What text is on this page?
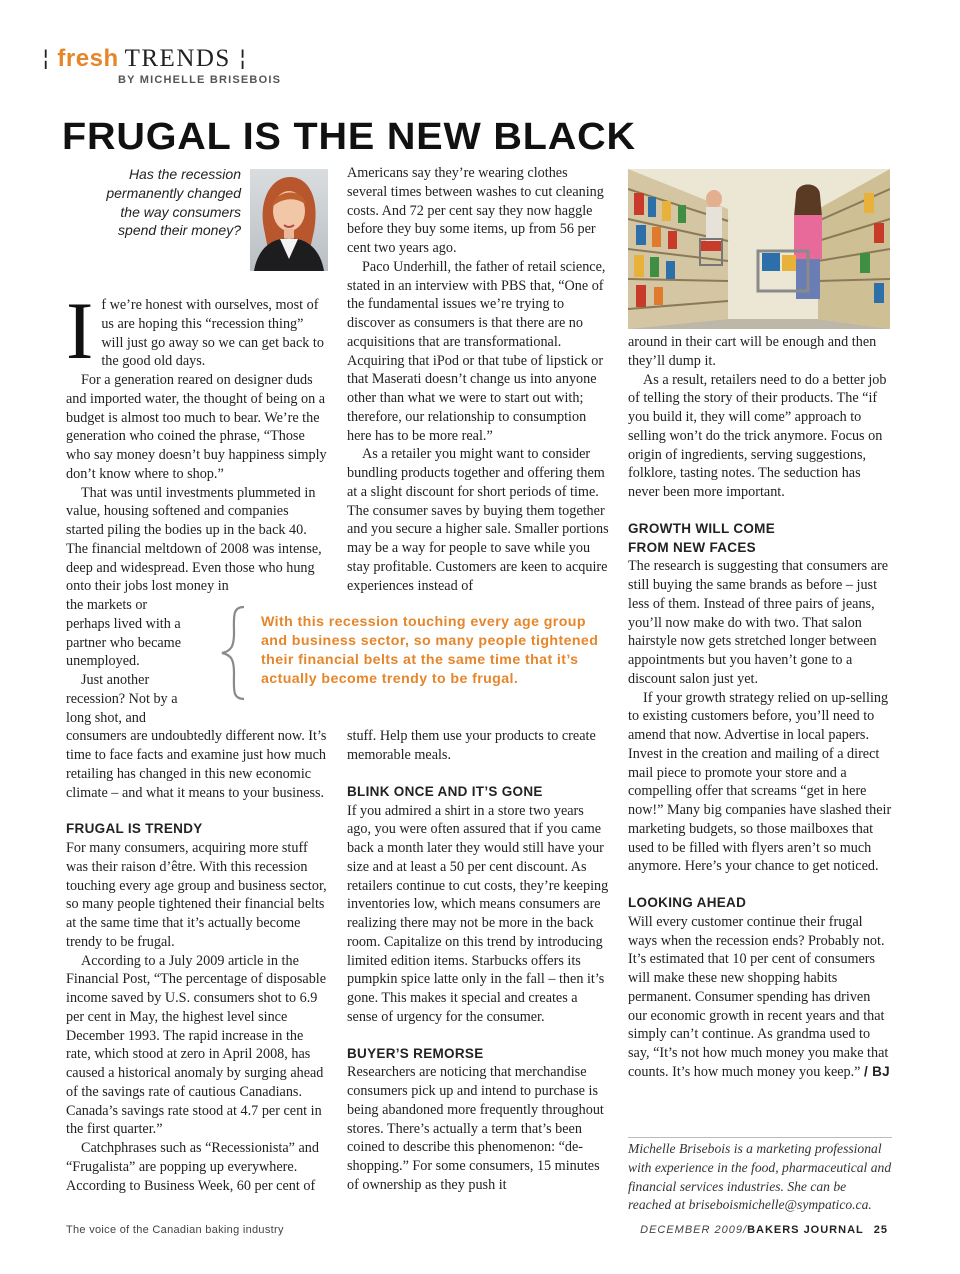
¦ fresh TRENDS ¦
BY MICHELLE BRISEBOIS
FRUGAL IS THE NEW BLACK
Has the recession permanently changed the way consumers spend their money?
I f we’re honest with ourselves, most of us are hoping this “recession thing” will just go away so we can get back to the good old days.

For a generation reared on designer duds and imported water, the thought of being on a budget is almost too much to bear. We’re the generation who coined the phrase, “Those who say money doesn’t buy happiness simply don’t know where to shop.”

That was until investments plummeted in value, housing softened and companies started piling the bodies up in the back 40. The financial meltdown of 2008 was intense, deep and widespread. Even those who hung onto their jobs lost money in

the markets or
perhaps lived with a
partner who became
unemployed.
Just another
recession? Not by a
long shot, and

consumers are undoubtedly different now. It’s time to face facts and examine just how much retailing has changed in this new economic climate – and what it means to your business.

FRUGAL IS TRENDY

For many consumers, acquiring more stuff was their raison d’être. With this recession touching every age group and business sector, so many people tightened their financial belts at the same time that it’s actually become trendy to be frugal.

According to a July 2009 article in the Financial Post, “The percentage of disposable income saved by U.S. consumers shot to 6.9 per cent in May, the highest level since December 1993. The rapid increase in the rate, which stood at zero in April 2008, has caused a historical anomaly by surging ahead of the savings rate of cautious Canadians. Canada’s savings rate stood at 4.7 per cent in the first quarter.”

Catchphrases such as “Recessionista” and “Frugalista” are popping up everywhere. According to Business Week, 60 per cent of

Americans say they’re wearing clothes several times between washes to cut cleaning costs. And 72 per cent say they now haggle before they buy some items, up from 56 per cent two years ago.

Paco Underhill, the father of retail science, stated in an interview with PBS that, “One of the fundamental issues we’re trying to discover as consumers is that there are no acquisitions that are transformational. Acquiring that iPod or that tube of lipstick or that Maserati doesn’t change us into anyone other than what we were to start out with; therefore, our relationship to consumption here has to be more real.”

As a retailer you might want to consider bundling products together and offering them at a slight discount for short periods of time. The consumer saves by buying them together and you secure a higher sale. Smaller portions may be a way for people to save while you stay profitable. Customers are keen to acquire experiences instead of

stuff. Help them use your products to create memorable meals.

BLINK ONCE AND IT’S GONE

If you admired a shirt in a store two years ago, you were often assured that if you came back a month later they would still have your size and at least a 50 per cent discount. As retailers continue to cut costs, they’re keeping inventories low, which means consumers are realizing there may not be more in the back room. Capitalize on this trend by introducing limited edition items. Starbucks offers its pumpkin spice latte only in the fall – then it’s gone. This makes it special and creates a sense of urgency for the consumer.

BUYER’S REMORSE

Researchers are noticing that merchandise consumers pick up and intend to purchase is being abandoned more frequently throughout stores. There’s actually a term that’s been coined to describe this phenomenon: “de-shopping.” For some consumers, 15 minutes of ownership as they push it

With this recession touching every age group and business sector, so many people tightened their financial belts at the same time that it’s actually become trendy to be frugal.

around in their cart will be enough and then they’ll dump it.

As a result, retailers need to do a better job of telling the story of their products. The “if you build it, they will come” approach to selling won’t do the trick anymore. Focus on origin of ingredients, serving suggestions, folklore, tasting notes. The seduction has never been more important.

GROWTH WILL COME

FROM NEW FACES

The research is suggesting that consumers are still buying the same brands as before – just less of them. Instead of three pairs of jeans, you’ll now make do with two. That salon hairstyle now gets stretched longer between appointments but you haven’t gone to a discount salon just yet.

If your growth strategy relied on up-selling to existing customers before, you’ll need to amend that now. Advertise in local papers. Invest in the creation and mailing of a direct mail piece to promote your store and a compelling offer that screams “get in here now!” Many big companies have slashed their marketing budgets, so those mailboxes that used to be filled with flyers aren’t so much anymore. Here’s your chance to get noticed.

LOOKING AHEAD

Will every customer continue their frugal ways when the recession ends? Probably not. It’s estimated that 10 per cent of consumers will make these new shopping habits permanent. Consumer spending has driven our economic growth in recent years and that simply can’t continue. As grandma used to say, “It’s not how much money you make that counts. It’s how much money you keep.” / BJ

Michelle Brisebois is a marketing professional with experience in the food, pharmaceutical and financial services industries. She can be reached at briseboismichelle@sympatico.ca.
The voice of the Canadian baking industry	DECEMBER 2009/BAKERS JOURNAL 25
